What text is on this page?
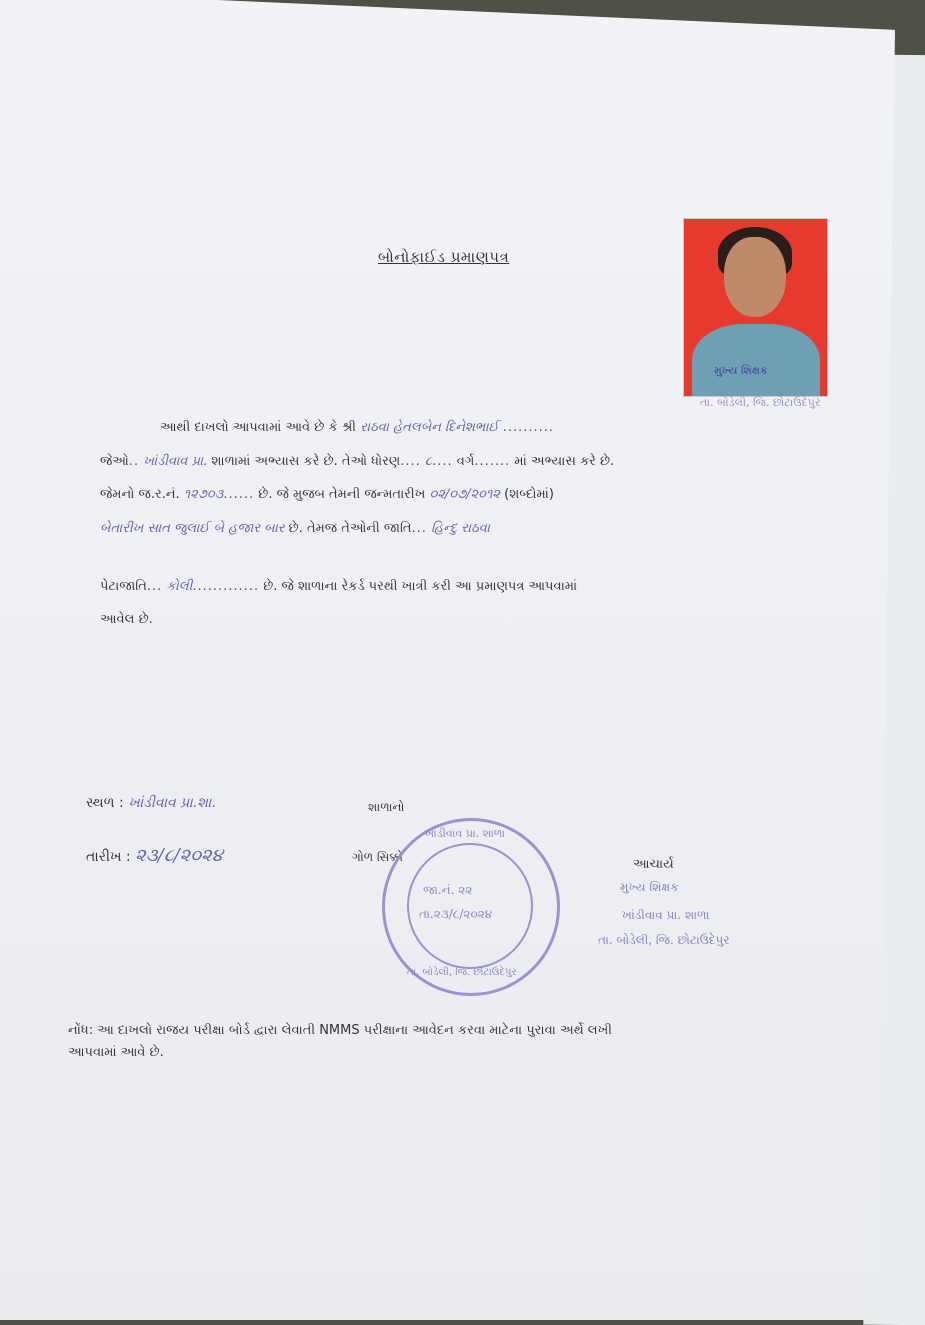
બોનોફાઈડ પ્રમાણપત્ર
મુખ્ય શિક્ષક
તા. બોડેલી, જિ. છોટાઉદેપુર
આથી દાખલો આપવામાં આવે છે કે શ્રી રાઠવા હેતલબેન દિનેશભાઈ ..........
જેઓ.. ખાંડીવાવ પ્રા. શાળામાં અભ્યાસ કરે છે. તેઓ ધોરણ.... ૮.... વર્ગ....... માં અભ્યાસ કરે છે.
જેમનો જ.ર.નં. ૧૨૭૦૩...... છે. જે મુજબ તેમની જન્મતારીખ ૦૨/૦૭/૨૦૧૨ (શબ્દોમાં)
બેતારીખ સાત જુલાઈ બે હજાર બાર છે. તેમજ તેઓની જાતિ... હિન્દુ રાઠવા
પેટાજાતિ... કોલી............. છે. જે શાળાના રેકર્ડ પરથી ખાત્રી કરી આ પ્રમાણપત્ર આપવામાં
આવેલ છે.
સ્થળ : ખાંડીવાવ પ્રા.શા.	શાળાનો
તારીખ : ૨૩/૮/૨૦૨૪	ગોળ સિક્કો
ખાંડીવાવ પ્રા. શાળા
જા.નં. ૨૨
તા.૨૩/૮/૨૦૨૪
તા. બોડેલી, જિ. છોટાઉદેપુર
આચાર્ય
મુખ્ય શિક્ષક
ખાંડીવાવ પ્રા. શાળા
તા. બોડેલી, જિ. છોટાઉદેપુર
નોંધ: આ દાખલો રાજય પરીક્ષા બોર્ડ દ્વારા લેવાતી NMMS પરીક્ષાના આવેદન કરવા માટેના પુરાવા અર્થે લખી
આપવામાં આવે છે.
